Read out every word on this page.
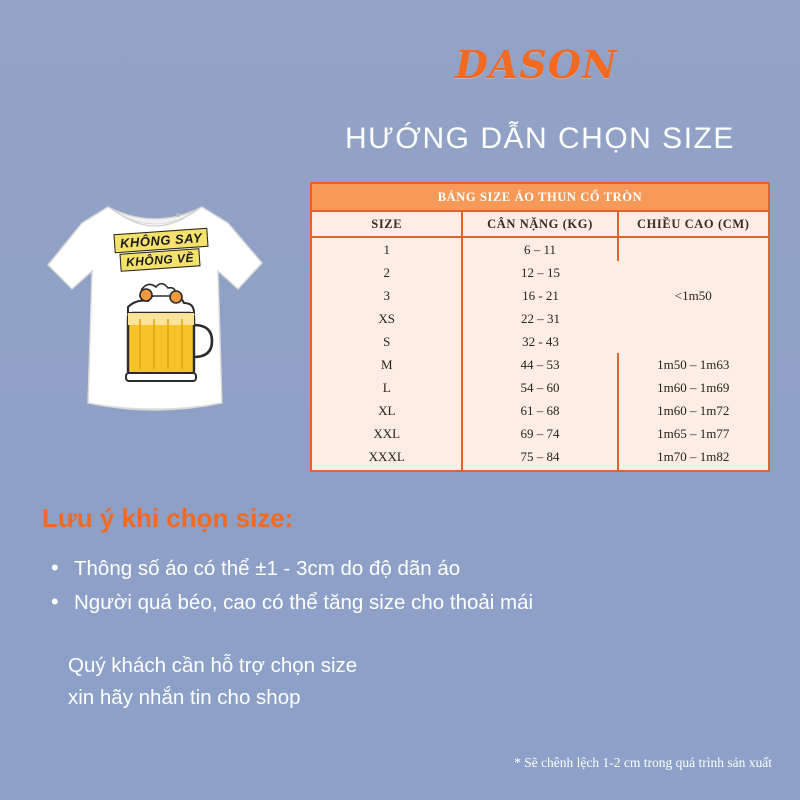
DASON
HƯỚNG DẪN CHỌN SIZE
KHÔNG SAY
KHÔNG VỀ
BẢNG SIZE ÁO THUN CỔ TRÒN
SIZE	CÂN NẶNG (KG)	CHIỀU CAO (CM)
1	6 – 11	<1m50
2	12 – 15	
3	16 - 21	
XS	22 – 31	
S	32 - 43	
M	44 – 53	1m50 – 1m63
L	54 – 60	1m60 – 1m69
XL	61 – 68	1m60 – 1m72
XXL	69 – 74	1m65 – 1m77
XXXL	75 – 84	1m70 – 1m82
Lưu ý khi chọn size:
• Thông số áo có thể ±1 - 3cm do độ dãn áo
• Người quá béo, cao có thể tăng size cho thoải mái
Quý khách cần hỗ trợ chọn size
xin hãy nhắn tin cho shop
* Sẽ chênh lệch 1-2 cm trong quá trình sản xuất
